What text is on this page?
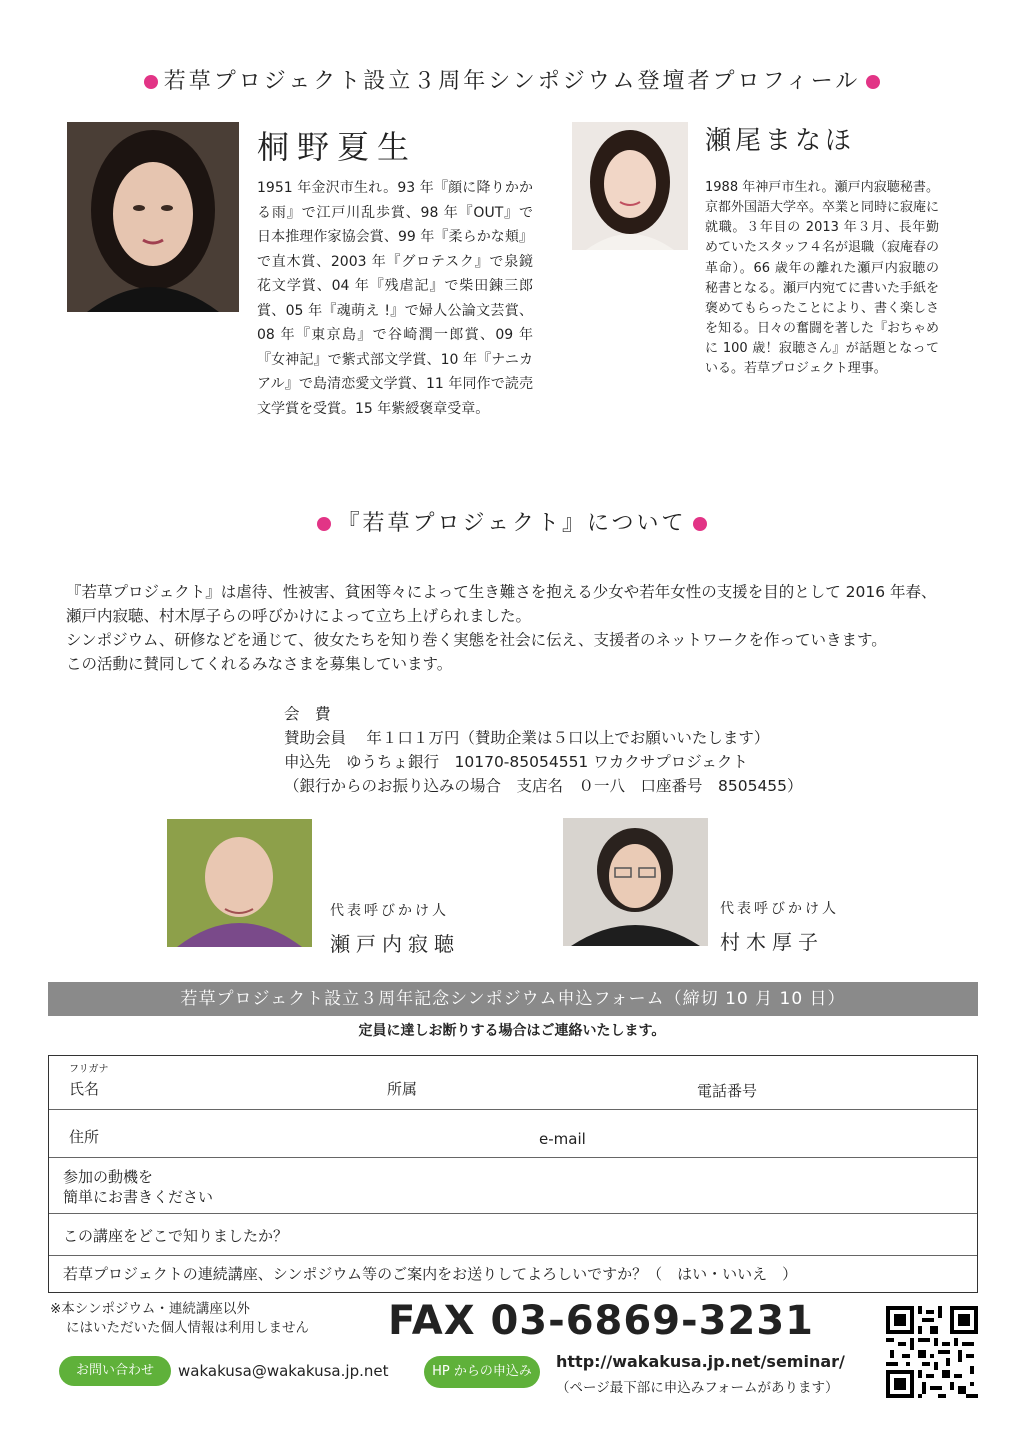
若草プロジェクト設立３周年シンポジウム登壇者プロフィール
桐野夏生
1951 年金沢市生れ。93 年『顔に降りかかる雨』で江戸川乱歩賞、98 年『OUT』で日本推理作家協会賞、99 年『柔らかな頬』で直木賞、2003 年『グロテスク』で泉鏡花文学賞、04 年『残虐記』で柴田錬三郎賞、05 年『魂萌え !』で婦人公論文芸賞、08 年『東京島』で谷崎潤一郎賞、09 年『女神記』で紫式部文学賞、10 年『ナニカアル』で島清恋愛文学賞、11 年同作で読売文学賞を受賞。15 年紫綬褒章受章。
瀬尾まなほ
1988 年神戸市生れ。瀬戸内寂聴秘書。京都外国語大学卒。卒業と同時に寂庵に就職。３年目の 2013 年３月、長年勤めていたスタッフ４名が退職（寂庵春の革命）。66 歳年の離れた瀬戸内寂聴の秘書となる。瀬戸内宛てに書いた手紙を褒めてもらったことにより、書く楽しさを知る。日々の奮闘を著した『おちゃめに 100 歳！寂聴さん』が話題となっている。若草プロジェクト理事。
『若草プロジェクト』について

『若草プロジェクト』は虐待、性被害、貧困等々によって生き難さを抱える少女や若年女性の支援を目的として 2016 年春、

瀬戸内寂聴、村木厚子らの呼びかけによって立ち上げられました。

シンポジウム、研修などを通じて、彼女たちを知り巻く実態を社会に伝え、支援者のネットワークを作っていきます。

この活動に賛同してくれるみなさまを募集しています。

会　費
賛助会員　 年１口１万円（賛助企業は５口以上でお願いいたします）
申込先　ゆうちょ銀行　10170-85054551 ワカクサプロジェクト
（銀行からのお振り込みの場合　支店名　０一八　口座番号　8505455）
代表呼びかけ人
瀬戸内寂聴
代表呼びかけ人
村木厚子
若草プロジェクト設立３周年記念シンポジウム申込フォーム（締切 10 月 10 日）
定員に達しお断りする場合はご連絡いたします。
フリガナ
氏名	所属	電話番号
住所	e-mail
参加の動機を
簡単にお書きください
この講座をどこで知りましたか？
若草プロジェクトの連続講座、シンポジウム等のご案内をお送りしてよろしいですか？（　はい・いいえ　）
※本シンポジウム・連続講座以外
にはいただいた個人情報は利用しません FAX 03-6869-3231
お問い合わせ	wakakusa@wakakusa.jp.net	HP からの申込み
http://wakakusa.jp.net/seminar/
（ページ最下部に申込みフォームがあります）
